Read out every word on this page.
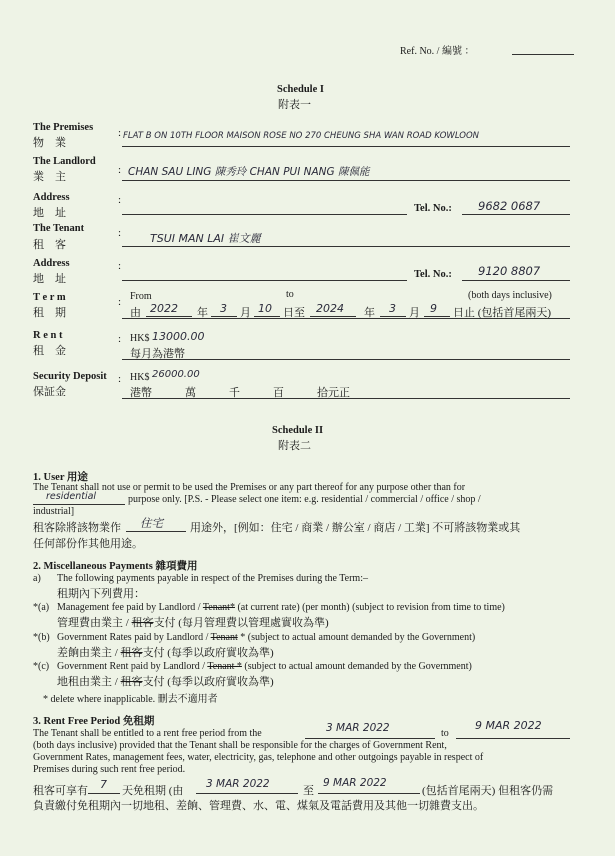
Ref. No. / 編號 ：
Schedule I
附表一
The Premises
物　業
: FLAT B ON 10TH FLOOR MAISON ROSE NO 270 CHEUNG SHA WAN ROAD KOWLOON
The Landlord
業　主
: CHAN SAU LING 陳秀玲 CHAN PUI NANG 陳佩能
Address
地　址
:
Tel. No.: 9682 0687
The Tenant
租　客
:	TSUI MAN LAI 崔文麗
Address
地　址
:
Tel. No.: 9120 8807
T e r m
租　期
: From	to	(both days inclusive)
由 2022 年 3 月 10 日至 2024 年 3 月 9 日止 (包括首尾兩天)
R e n t
租　金
: HK$ 13000.00
每月為港幣
Security Deposit
保証金
: HK$ 26000.00
港幣　　　萬　　　千　　　百　　　拾元正
Schedule II
附表二
1. User 用途
The Tenant shall not use or permit to be used the Premises or any part thereof for any purpose other than for
residential	purpose only. [P.S. - Please select one item: e.g. residential / commercial / office / shop /
industrial]
租客除將該物業作 住宅 用途外，[例如：住宅 / 商業 / 辦公室 / 商店 / 工業] 不可將該物業或其
任何部份作其他用途。
2. Miscellaneous Payments 雜項費用
a) The following payments payable in respect of the Premises during the Term:–
租期內下列費用：
*(a) Management fee paid by Landlord / Tenant* (at current rate) (per month) (subject to revision from time to time)
管理費由業主 / 租客支付 (每月管理費以管理處實收為準)
*(b) Government Rates paid by Landlord / Tenant * (subject to actual amount demanded by the Government)
差餉由業主 / 租客支付 (每季以政府實收為準)
*(c) Government Rent paid by Landlord / Tenant * (subject to actual amount demanded by the Government)
地租由業主 / 租客支付 (每季以政府實收為準)
* delete where inapplicable. 刪去不適用者
3. Rent Free Period 免租期
The Tenant shall be entitled to a rent free period from the	3 MAR 2022	to
9 MAR 2022
(both days inclusive) provided that the Tenant shall be responsible for the charges of Government Rent,
Government Rates, management fees, water, electricity, gas, telephone and other outgoings payable in respect of
Premises during such rent free period.
租客可享有 7 天免租期 (由
3 MAR 2022
至
9 MAR 2022
(包括首尾兩天) 但租客仍需
負責繳付免租期內一切地租、差餉、管理費、水、電、煤氣及電話費用及其他一切雜費支出。
